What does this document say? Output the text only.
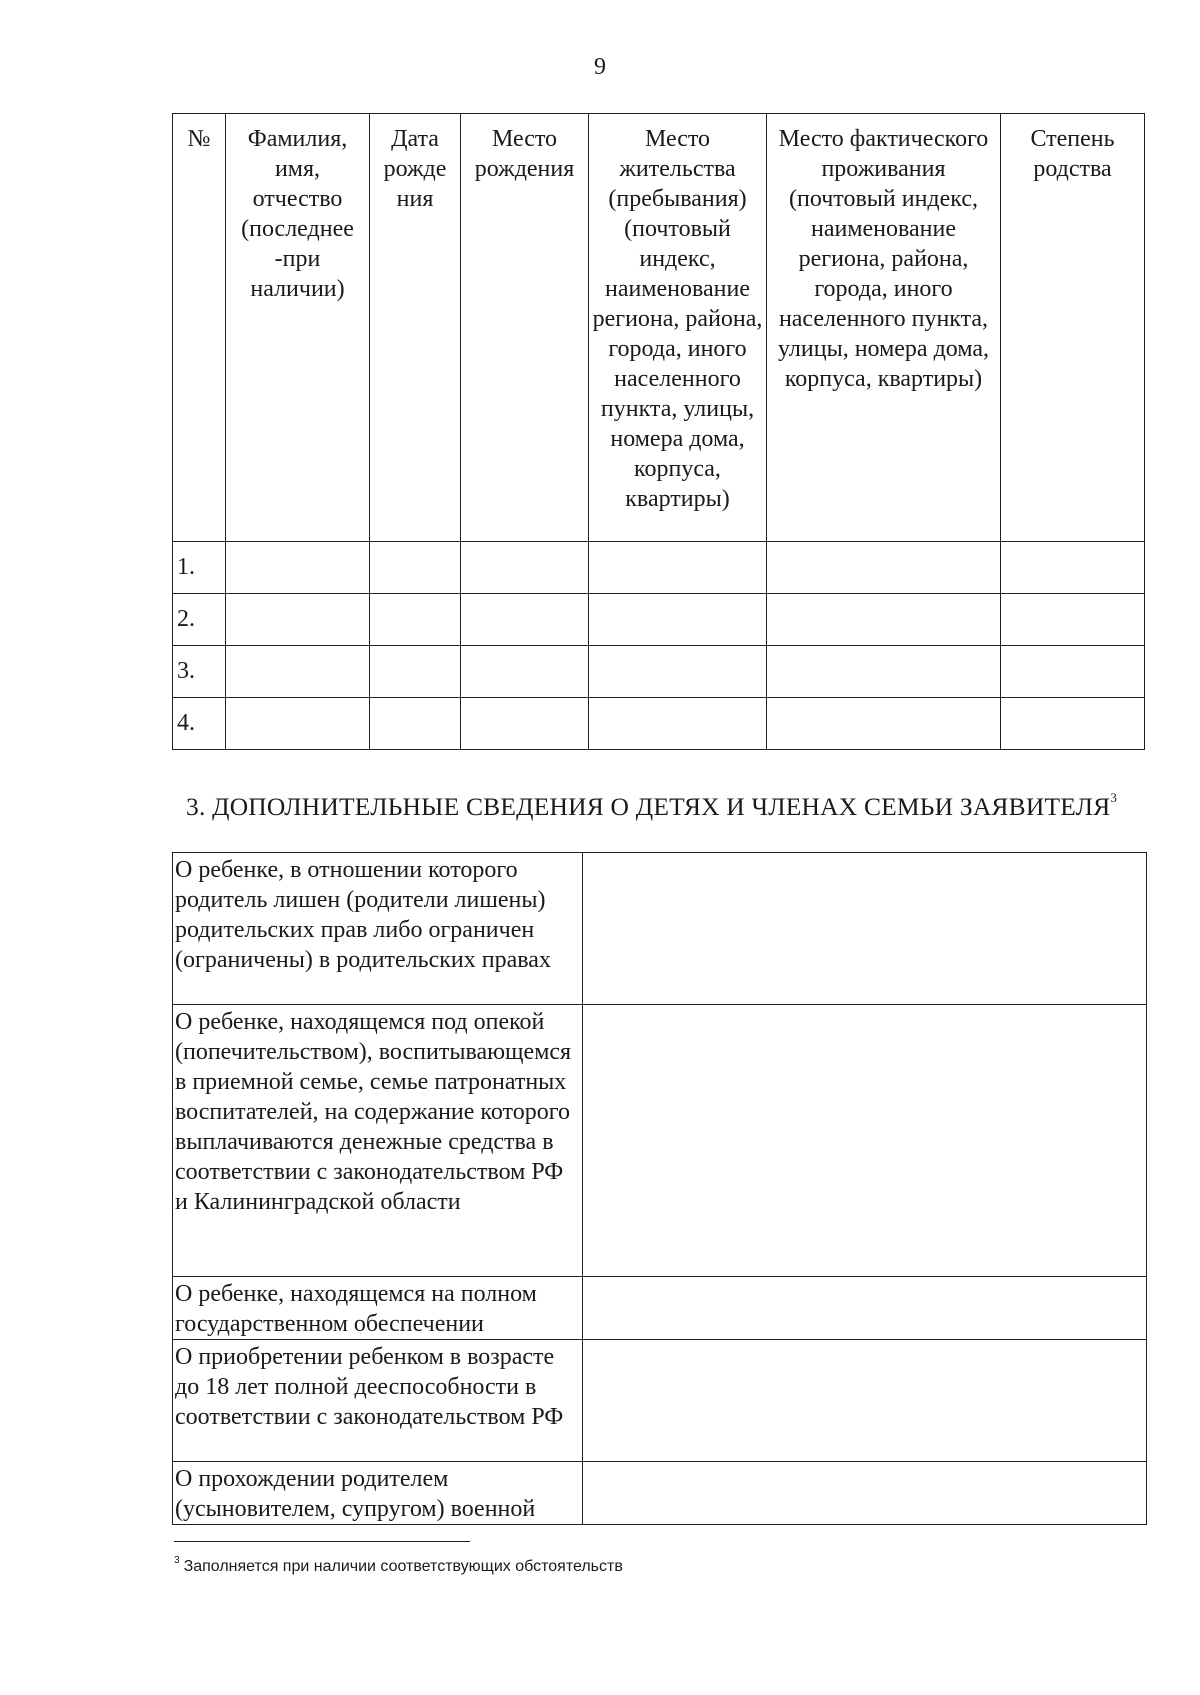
9
№	Фамилия, имя, отчество (последнее -при наличии)	Дата рожде ния	Место рождения	Место жительства (пребывания) (почтовый индекс, наименование региона, района, города, иного населенного пункта, улицы, номера дома, корпуса, квартиры)	Место фактического проживания (почтовый индекс, наименование региона, района, города, иного населенного пункта, улицы, номера дома, корпуса, квартиры)	Степень родства
1.						
2.						
3.						
4.						
3. ДОПОЛНИТЕЛЬНЫЕ СВЕДЕНИЯ О ДЕТЯХ И ЧЛЕНАХ СЕМЬИ ЗАЯВИТЕЛЯ$^3$
О ребенке, в отношении которого родитель лишен (родители лишены) родительских прав либо ограничен (ограничены) в родительских правах	
О ребенке, находящемся под опекой (попечительством), воспитывающемся в приемной семье, семье патронатных воспитателей, на содержание которого выплачиваются денежные средства в соответствии с законодательством РФ и Калининградской области	
О ребенке, находящемся на полном государственном обеспечении	
О приобретении ребенком в возрасте до 18 лет полной дееспособности в соответствии с законодательством РФ	
О прохождении родителем (усыновителем, супругом) военной	
$^3$ Заполняется при наличии соответствующих обстоятельств
